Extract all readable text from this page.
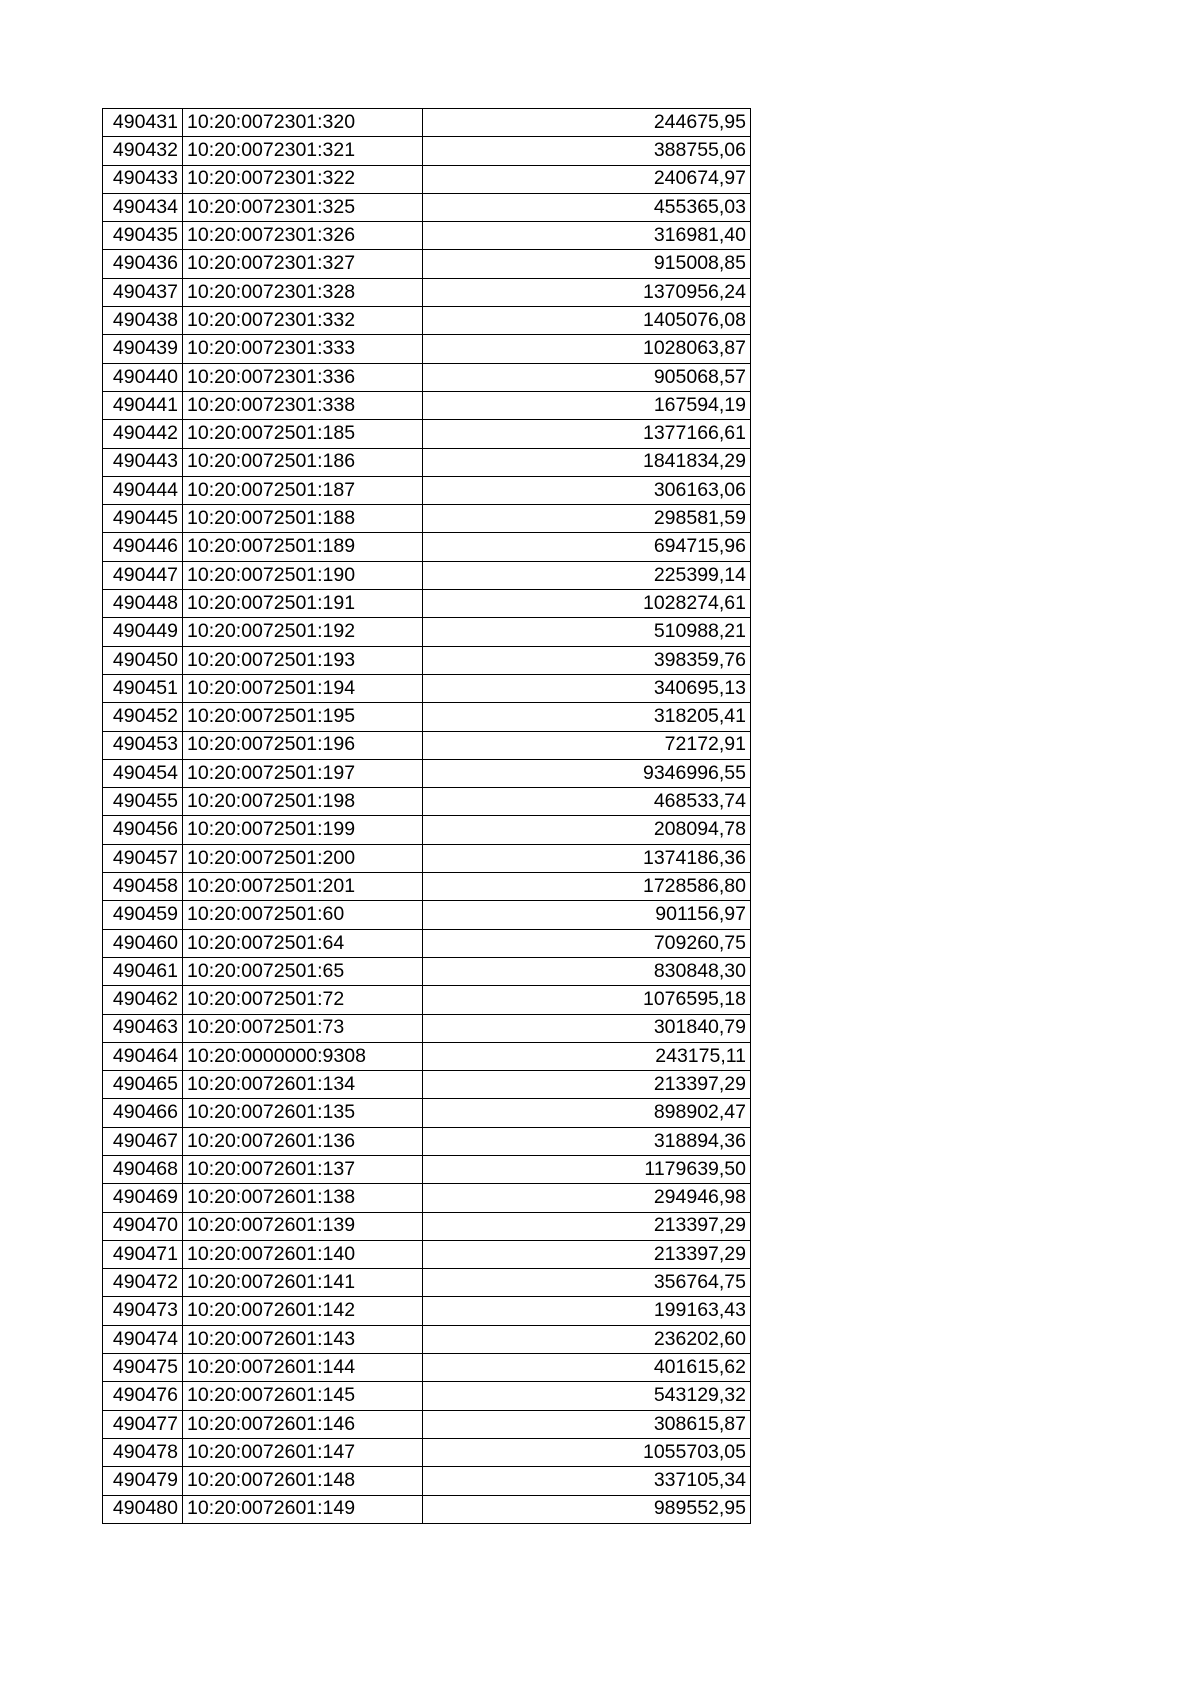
490431	10:20:0072301:320	244675,95
490432	10:20:0072301:321	388755,06
490433	10:20:0072301:322	240674,97
490434	10:20:0072301:325	455365,03
490435	10:20:0072301:326	316981,40
490436	10:20:0072301:327	915008,85
490437	10:20:0072301:328	1370956,24
490438	10:20:0072301:332	1405076,08
490439	10:20:0072301:333	1028063,87
490440	10:20:0072301:336	905068,57
490441	10:20:0072301:338	167594,19
490442	10:20:0072501:185	1377166,61
490443	10:20:0072501:186	1841834,29
490444	10:20:0072501:187	306163,06
490445	10:20:0072501:188	298581,59
490446	10:20:0072501:189	694715,96
490447	10:20:0072501:190	225399,14
490448	10:20:0072501:191	1028274,61
490449	10:20:0072501:192	510988,21
490450	10:20:0072501:193	398359,76
490451	10:20:0072501:194	340695,13
490452	10:20:0072501:195	318205,41
490453	10:20:0072501:196	72172,91
490454	10:20:0072501:197	9346996,55
490455	10:20:0072501:198	468533,74
490456	10:20:0072501:199	208094,78
490457	10:20:0072501:200	1374186,36
490458	10:20:0072501:201	1728586,80
490459	10:20:0072501:60	901156,97
490460	10:20:0072501:64	709260,75
490461	10:20:0072501:65	830848,30
490462	10:20:0072501:72	1076595,18
490463	10:20:0072501:73	301840,79
490464	10:20:0000000:9308	243175,11
490465	10:20:0072601:134	213397,29
490466	10:20:0072601:135	898902,47
490467	10:20:0072601:136	318894,36
490468	10:20:0072601:137	1179639,50
490469	10:20:0072601:138	294946,98
490470	10:20:0072601:139	213397,29
490471	10:20:0072601:140	213397,29
490472	10:20:0072601:141	356764,75
490473	10:20:0072601:142	199163,43
490474	10:20:0072601:143	236202,60
490475	10:20:0072601:144	401615,62
490476	10:20:0072601:145	543129,32
490477	10:20:0072601:146	308615,87
490478	10:20:0072601:147	1055703,05
490479	10:20:0072601:148	337105,34
490480	10:20:0072601:149	989552,95
